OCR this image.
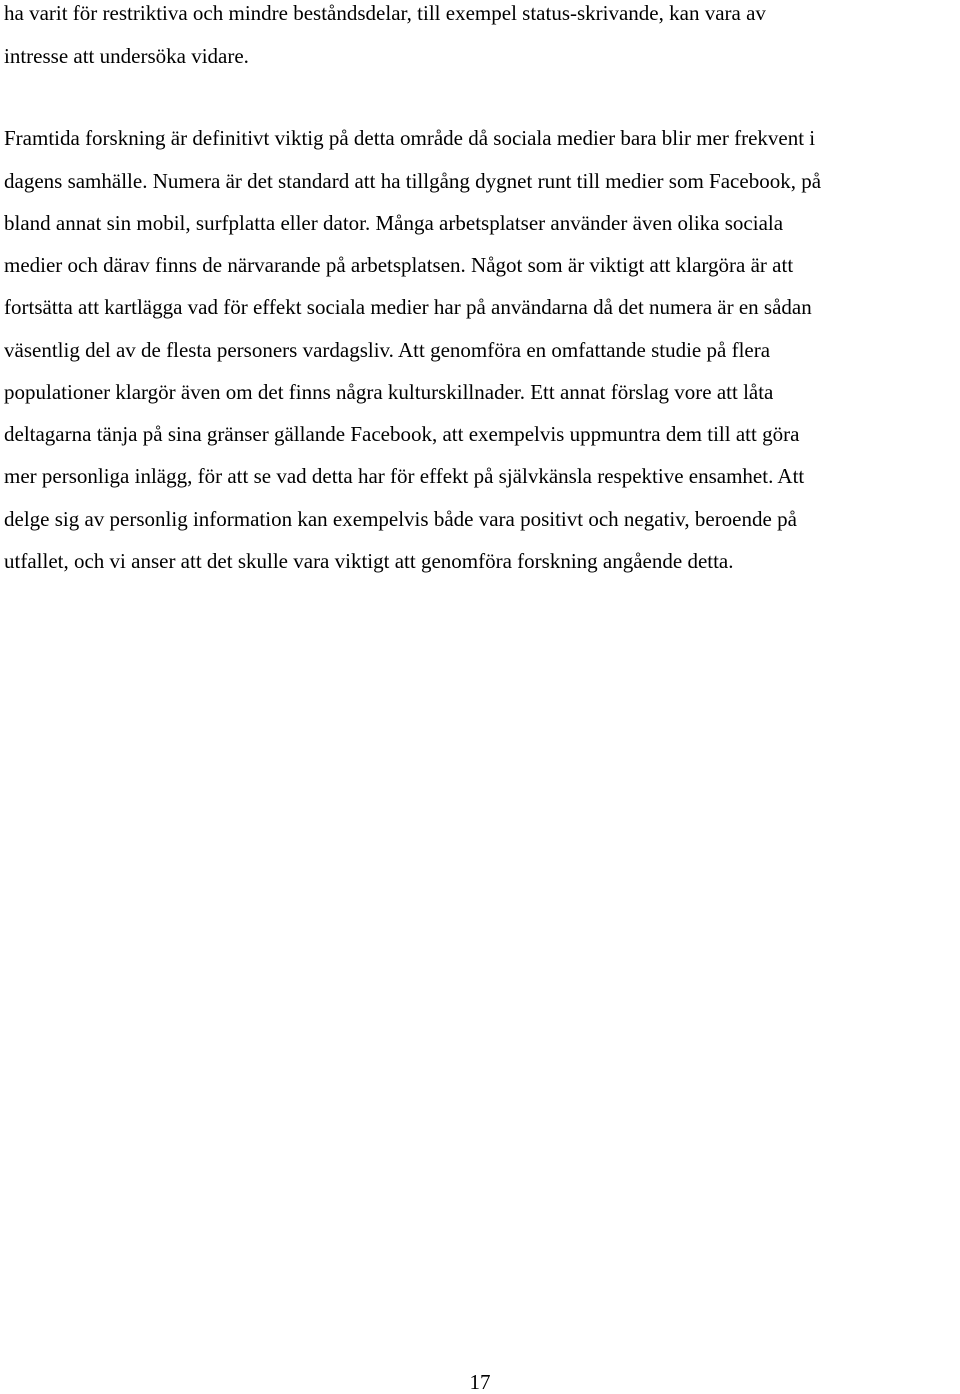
ha varit för restriktiva och mindre beståndsdelar, till exempel status-skrivande, kan vara av
intresse att undersöka vidare.
Framtida forskning är definitivt viktig på detta område då sociala medier bara blir mer frekvent i
dagens samhälle. Numera är det standard att ha tillgång dygnet runt till medier som Facebook, på
bland annat sin mobil, surfplatta eller dator. Många arbetsplatser använder även olika sociala
medier och därav finns de närvarande på arbetsplatsen. Något som är viktigt att klargöra är att
fortsätta att kartlägga vad för effekt sociala medier har på användarna då det numera är en sådan
väsentlig del av de flesta personers vardagsliv. Att genomföra en omfattande studie på flera
populationer klargör även om det finns några kulturskillnader. Ett annat förslag vore att låta
deltagarna tänja på sina gränser gällande Facebook, att exempelvis uppmuntra dem till att göra
mer personliga inlägg, för att se vad detta har för effekt på självkänsla respektive ensamhet. Att
delge sig av personlig information kan exempelvis både vara positivt och negativ, beroende på
utfallet, och vi anser att det skulle vara viktigt att genomföra forskning angående detta.
17
